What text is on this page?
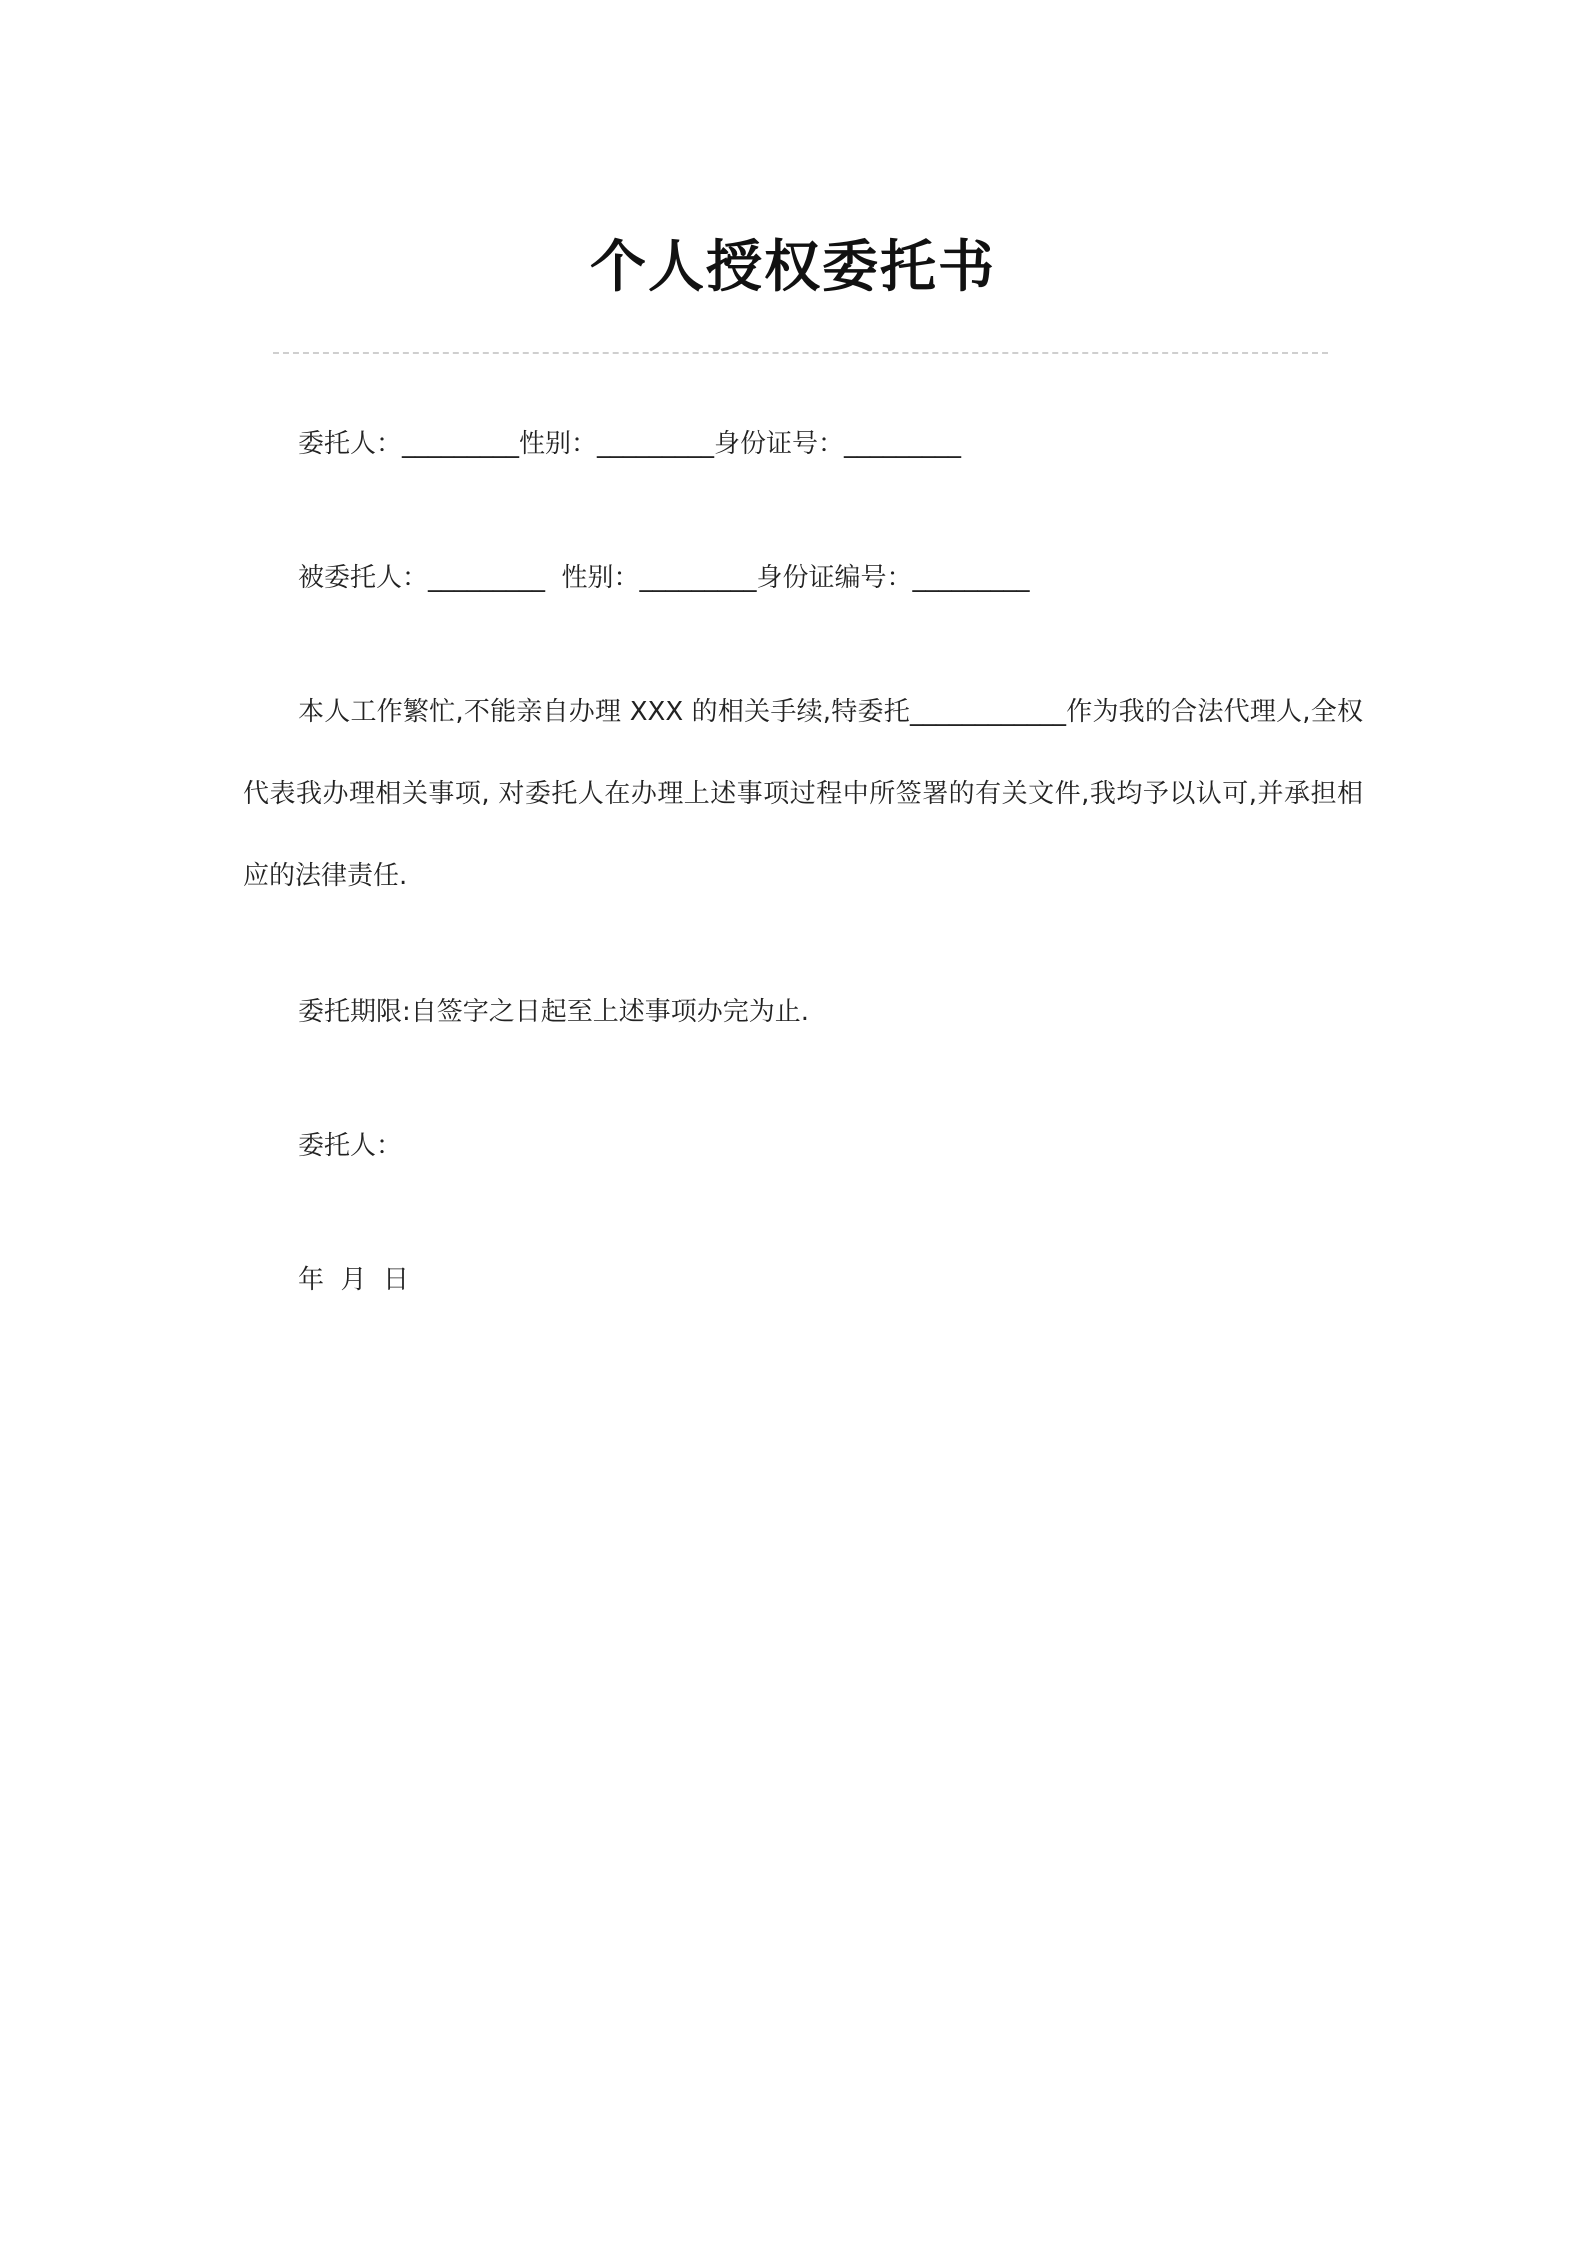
个人授权委托书
委托人：_________性别：_________身份证号：_________
被委托人：_________  性别：_________身份证编号：_________
本人工作繁忙,不能亲自办理 XXX 的相关手续,特委托____________作为我的合法代理人,全权代表我办理相关事项, 对委托人在办理上述事项过程中所签署的有关文件,我均予以认可,并承担相应的法律责任.
委托期限:自签字之日起至上述事项办完为止.
委托人：
年  月  日
